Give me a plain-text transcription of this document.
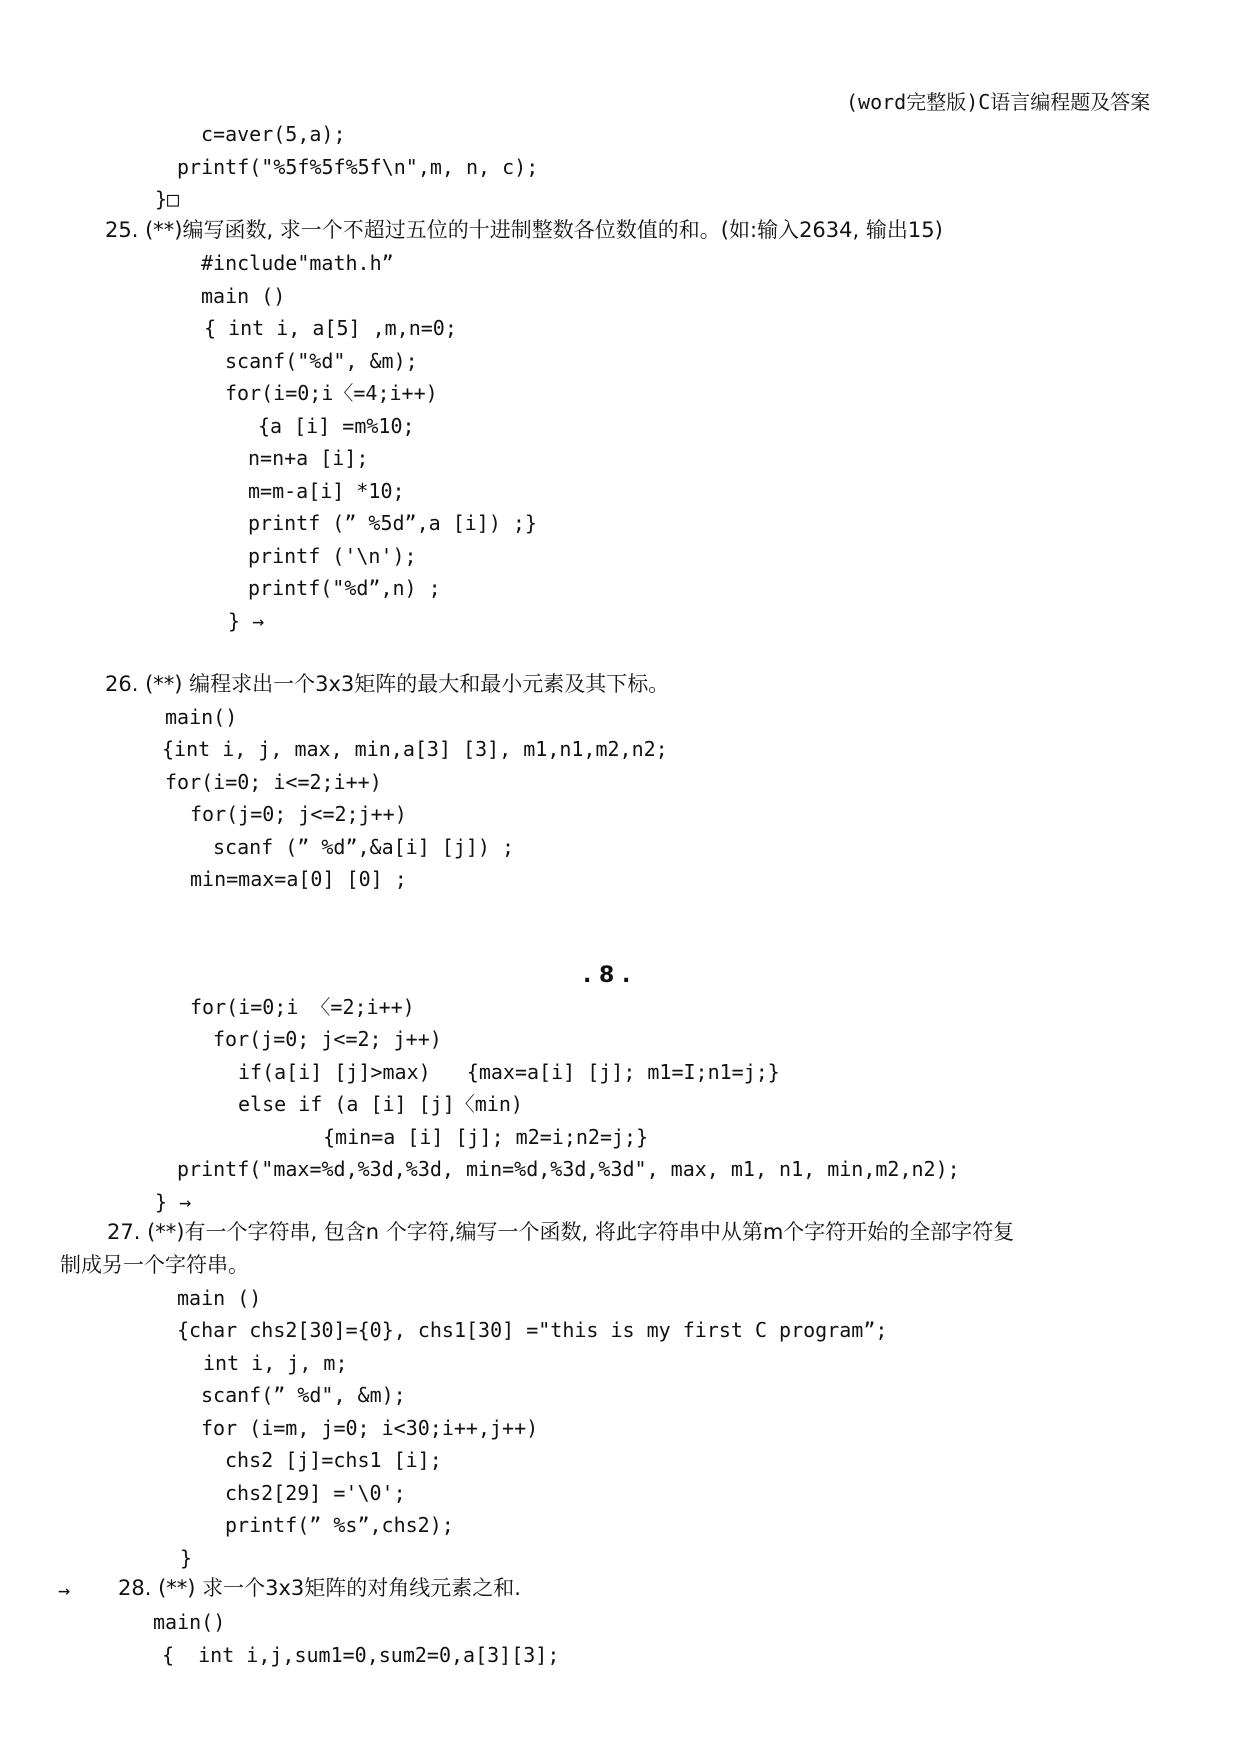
(word完整版)C语言编程题及答案
c=aver(5,a);
printf("%5f%5f%5f\n",m, n, c);
}□
25. (**)编写函数, 求一个不超过五位的十进制整数各位数值的和。(如:输入2634, 输出15)
#include"math.h”
main ()
{ int i, a[5] ,m,n=0;
scanf("%d", &m);
for(i=0;i〈=4;i++)
{a [i] =m%10;
n=n+a [i];
m=m-a[i] *10;
printf (” %5d”,a [i]) ;}
printf ('\n');
printf("%d”,n) ;
} →
26. (**) 编程求出一个3x3矩阵的最大和最小元素及其下标。
main()
{int i, j, max, min,a[3] [3], m1,n1,m2,n2;
for(i=0; i<=2;i++)
for(j=0; j<=2;j++)
scanf (” %d”,&a[i] [j]) ;
min=max=a[0] [0] ;
. 8 .
for(i=0;i 〈=2;i++)
for(j=0; j<=2; j++)
if(a[i] [j]>max)   {max=a[i] [j]; m1=I;n1=j;}
else if (a [i] [j]〈min)
{min=a [i] [j]; m2=i;n2=j;}
printf("max=%d,%3d,%3d, min=%d,%3d,%3d", max, m1, n1, min,m2,n2);
} →
27. (**)有一个字符串, 包含n 个字符,编写一个函数, 将此字符串中从第m个字符开始的全部字符复
制成另一个字符串。
main ()
{char chs2[30]={0}, chs1[30] ="this is my first C program”;
int i, j, m;
scanf(” %d", &m);
for (i=m, j=0; i<30;i++,j++)
chs2 [j]=chs1 [i];
chs2[29] ='\0';
printf(” %s”,chs2);
}
→ 28. (**) 求一个3x3矩阵的对角线元素之和.
main()
{  int i,j,sum1=0,sum2=0,a[3][3];
